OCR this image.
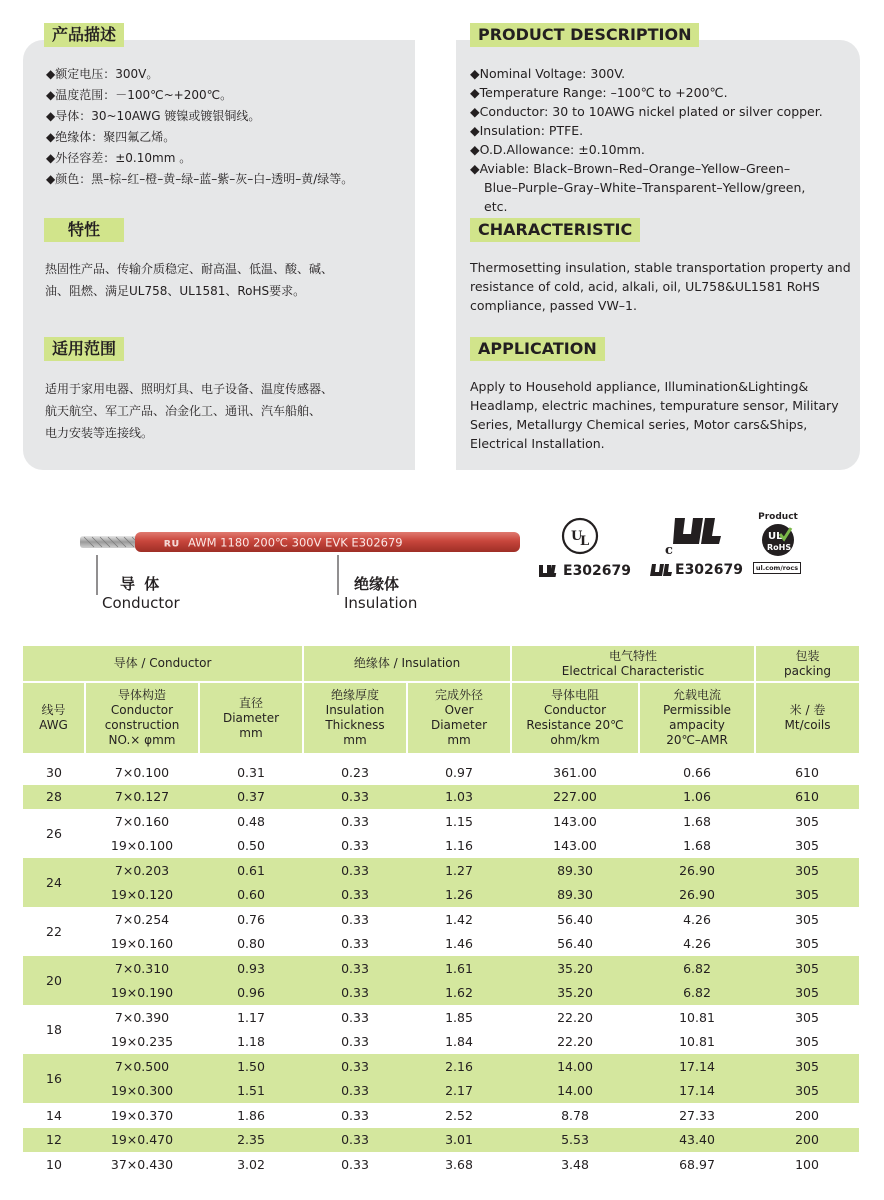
产品描述
◆额定电压：300V。
◆温度范围：－100℃~+200℃。
◆导体：30~10AWG 镀镍或镀银铜线。
◆绝缘体：聚四氟乙烯。
◆外径容差：±0.10mm 。
◆颜色：黑–棕–红–橙–黄–绿–蓝–紫–灰–白–透明–黄/绿等。
特性
热固性产品、传输介质稳定、耐高温、低温、酸、碱、
油、阻燃、满足UL758、UL1581、RoHS要求。
适用范围
适用于家用电器、照明灯具、电子设备、温度传感器、
航天航空、军工产品、冶金化工、通讯、汽车船舶、
电力安装等连接线。
PRODUCT DESCRIPTION
◆Nominal Voltage: 300V.
◆Temperature Range: –100℃ to +200℃.
◆Conductor: 30 to 10AWG nickel plated or silver copper.
◆Insulation: PTFE.
◆O.D.Allowance: ±0.10mm.
◆Aviable: Black–Brown–Red–Orange–Yellow–Green–
Blue–Purple–Gray–White–Transparent–Yellow/green,
etc.
CHARACTERISTIC
Thermosetting insulation, stable transportation property and
resistance of cold, acid, alkali, oil, UL758&UL1581 RoHS
compliance, passed VW–1.
APPLICATION
Apply to Household appliance, Illumination&Lighting&
Headlamp, electric machines, tempurature sensor, Military
Series, Metallurgy Chemical series, Motor cars&Ships,
Electrical Installation.
ʀᴜ AWM 1180 200℃ 300V EVK E302679
导 体
Conductor
绝缘体
Insulation
U
L
E302679
c
E302679
Product
UL
RoHS
ul.com/rocs
导体 / Conductor			绝缘体 / Insulation		电气特性
Electrical Characteristic		包装
packing

线号
AWG	导体构造
Conductor
construction
NO.× φmm	直径
Diameter
mm	绝缘厚度
Insulation
Thickness
mm	完成外径
Over
Diameter
mm	导体电阻
Conductor
Resistance 20℃
ohm/km	允载电流
Permissible
ampacity
20℃–AMR	米 / 卷
Mt/coils

30	7×0.100	0.31	0.23	0.97	361.00	0.66	610
28	7×0.127	0.37	0.33	1.03	227.00	1.06	610
26	7×0.160	0.48	0.33	1.15	143.00	1.68	305
	19×0.100	0.50	0.33	1.16	143.00	1.68	305
24	7×0.203	0.61	0.33	1.27	89.30	26.90	305
	19×0.120	0.60	0.33	1.26	89.30	26.90	305
22	7×0.254	0.76	0.33	1.42	56.40	4.26	305
	19×0.160	0.80	0.33	1.46	56.40	4.26	305
20	7×0.310	0.93	0.33	1.61	35.20	6.82	305
	19×0.190	0.96	0.33	1.62	35.20	6.82	305
18	7×0.390	1.17	0.33	1.85	22.20	10.81	305
	19×0.235	1.18	0.33	1.84	22.20	10.81	305
16	7×0.500	1.50	0.33	2.16	14.00	17.14	305
	19×0.300	1.51	0.33	2.17	14.00	17.14	305
14	19×0.370	1.86	0.33	2.52	8.78	27.33	200
12	19×0.470	2.35	0.33	3.01	5.53	43.40	200
10	37×0.430	3.02	0.33	3.68	3.48	68.97	100
